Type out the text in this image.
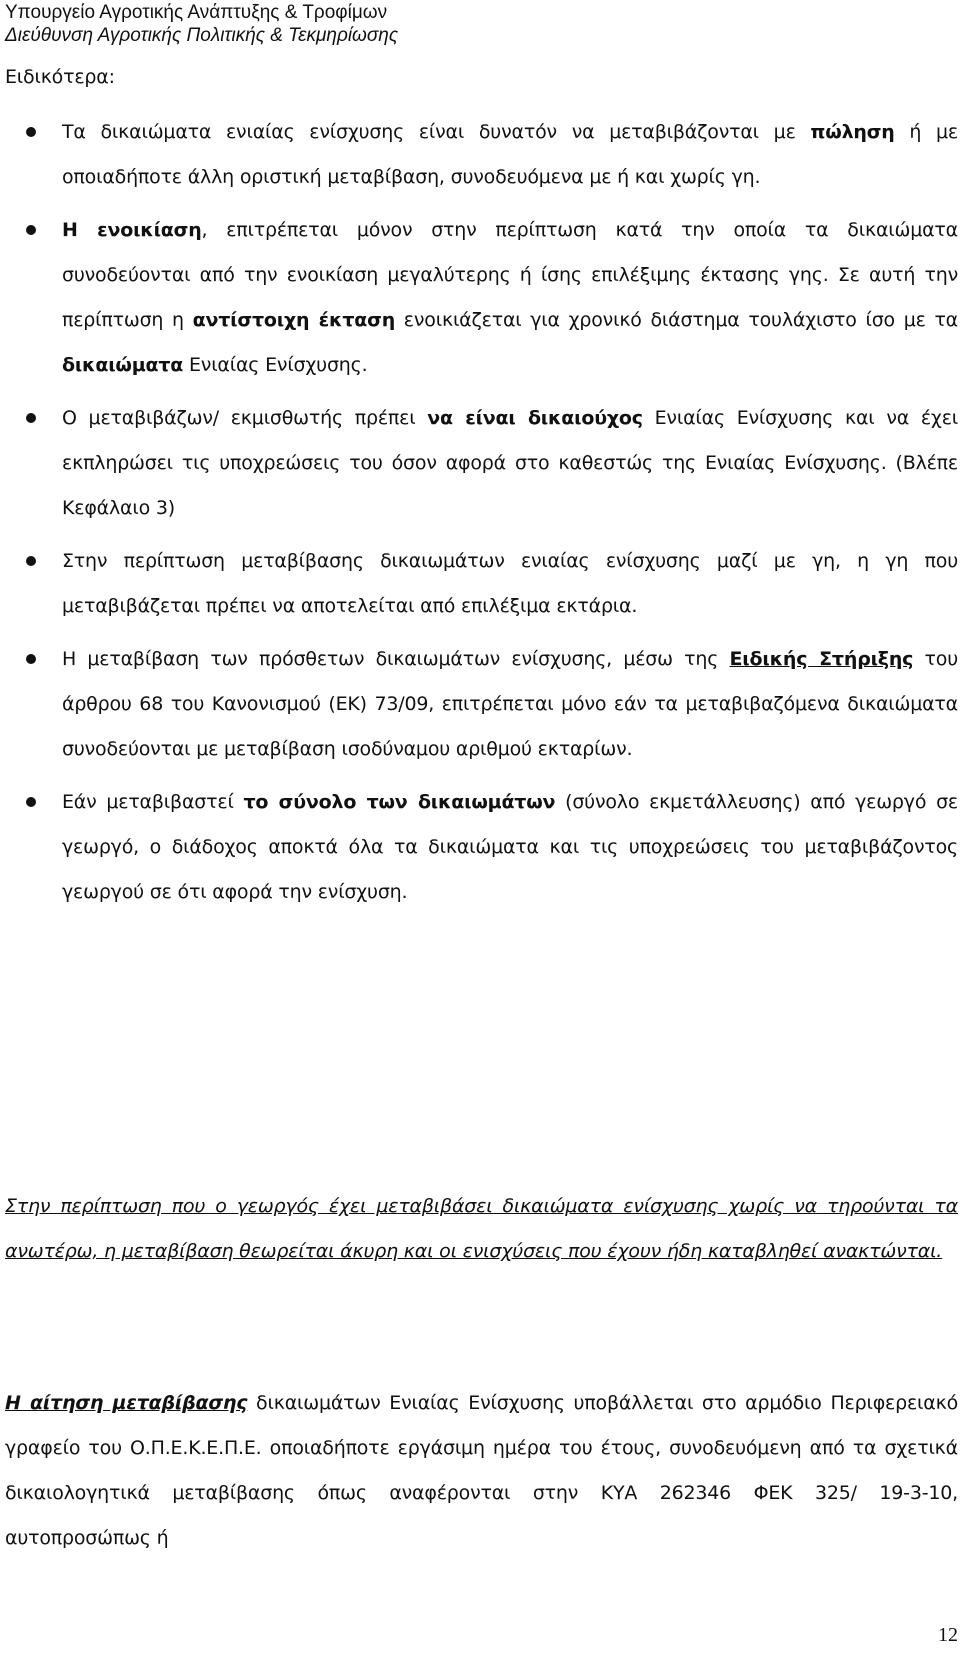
Υπουργείο Αγροτικής Ανάπτυξης & Τροφίμων
Διεύθυνση Αγροτικής Πολιτικής & Τεκμηρίωσης
Ειδικότερα:
Τα δικαιώματα ενιαίας ενίσχυσης είναι δυνατόν να μεταβιβάζονται με πώληση ή με οποιαδήποτε άλλη οριστική μεταβίβαση, συνοδευόμενα με ή και χωρίς γη.
Η ενοικίαση, επιτρέπεται μόνον στην περίπτωση κατά την οποία τα δικαιώματα συνοδεύονται από την ενοικίαση μεγαλύτερης ή ίσης επιλέξιμης έκτασης γης. Σε αυτή την περίπτωση η αντίστοιχη έκταση ενοικιάζεται για χρονικό διάστημα τουλάχιστο ίσο με τα δικαιώματα Ενιαίας Ενίσχυσης.
Ο μεταβιβάζων/ εκμισθωτής πρέπει να είναι δικαιούχος Ενιαίας Ενίσχυσης και να έχει εκπληρώσει τις υποχρεώσεις του όσον αφορά στο καθεστώς της Ενιαίας Ενίσχυσης. (Βλέπε Κεφάλαιο 3)
Στην περίπτωση μεταβίβασης δικαιωμάτων ενιαίας ενίσχυσης μαζί με γη, η γη που μεταβιβάζεται πρέπει να αποτελείται από επιλέξιμα εκτάρια.
Η μεταβίβαση των πρόσθετων δικαιωμάτων ενίσχυσης, μέσω της Ειδικής Στήριξης του άρθρου 68 του Κανονισμού (ΕΚ) 73/09, επιτρέπεται μόνο εάν τα μεταβιβαζόμενα δικαιώματα συνοδεύονται με μεταβίβαση ισοδύναμου αριθμού εκταρίων.
Εάν μεταβιβαστεί το σύνολο των δικαιωμάτων (σύνολο εκμετάλλευσης) από γεωργό σε γεωργό, ο διάδοχος αποκτά όλα τα δικαιώματα και τις υποχρεώσεις του μεταβιβάζοντος γεωργού σε ότι αφορά την ενίσχυση.
Στην περίπτωση που ο γεωργός έχει μεταβιβάσει δικαιώματα ενίσχυσης χωρίς να τηρούνται τα ανωτέρω, η μεταβίβαση θεωρείται άκυρη και οι ενισχύσεις που έχουν ήδη καταβληθεί ανακτώνται.
Η αίτηση μεταβίβασης δικαιωμάτων Ενιαίας Ενίσχυσης υποβάλλεται στο αρμόδιο Περιφερειακό γραφείο του Ο.Π.Ε.Κ.Ε.Π.Ε. οποιαδήποτε εργάσιμη ημέρα του έτους, συνοδευόμενη από τα σχετικά δικαιολογητικά μεταβίβασης όπως αναφέρονται στην ΚΥΑ 262346 ΦΕΚ 325/ 19-3-10, αυτοπροσώπως ή
12
